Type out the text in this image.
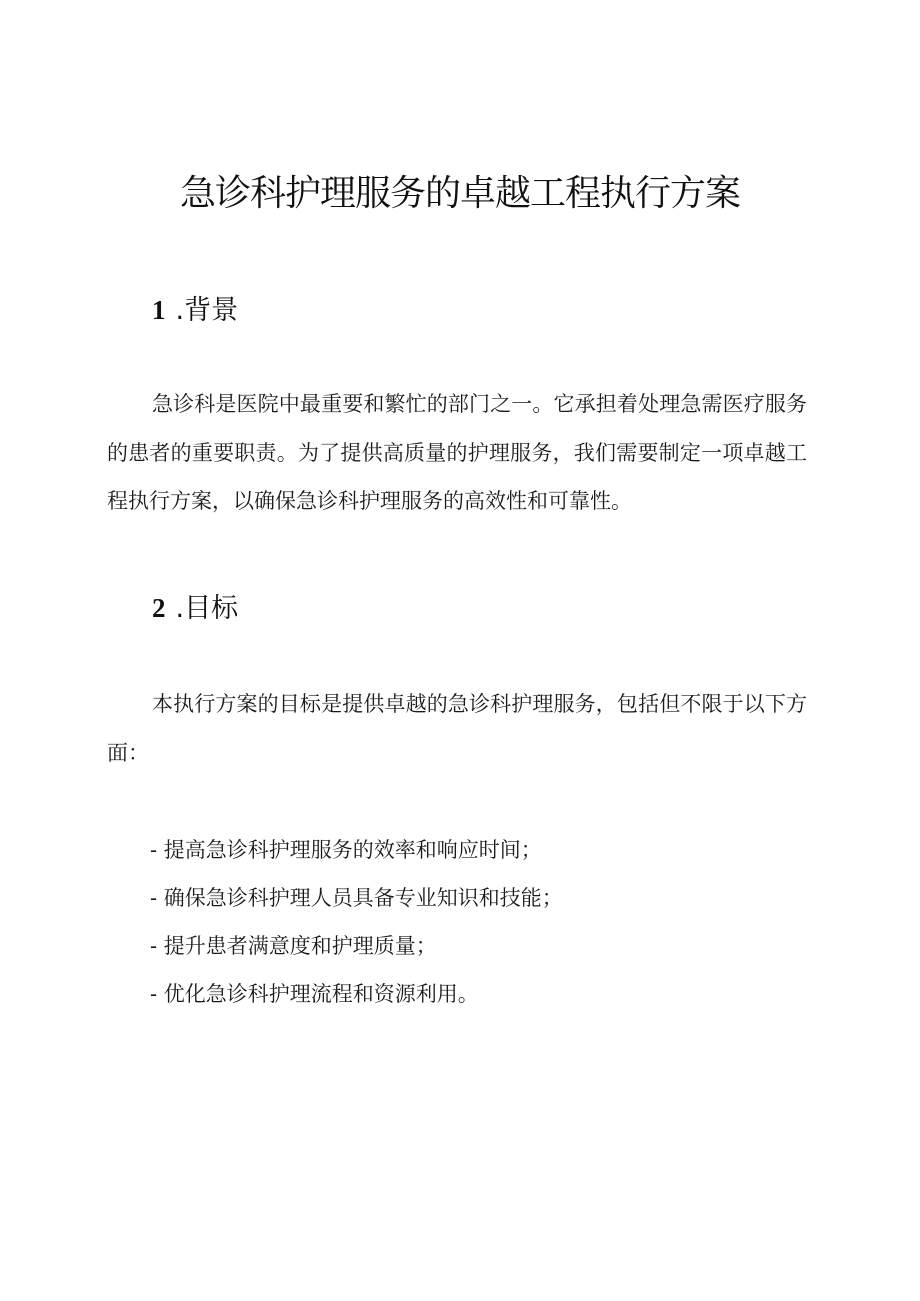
急诊科护理服务的卓越工程执行方案
1 .背景

急诊科是医院中最重要和繁忙的部门之一。它承担着处理急需医疗服务的患者的重要职责。为了提供高质量的护理服务，我们需要制定一项卓越工程执行方案，以确保急诊科护理服务的高效性和可靠性。

2 .目标

本执行方案的目标是提供卓越的急诊科护理服务，包括但不限于以下方面：

- 提高急诊科护理服务的效率和响应时间；
- 确保急诊科护理人员具备专业知识和技能；
- 提升患者满意度和护理质量；
- 优化急诊科护理流程和资源利用。
